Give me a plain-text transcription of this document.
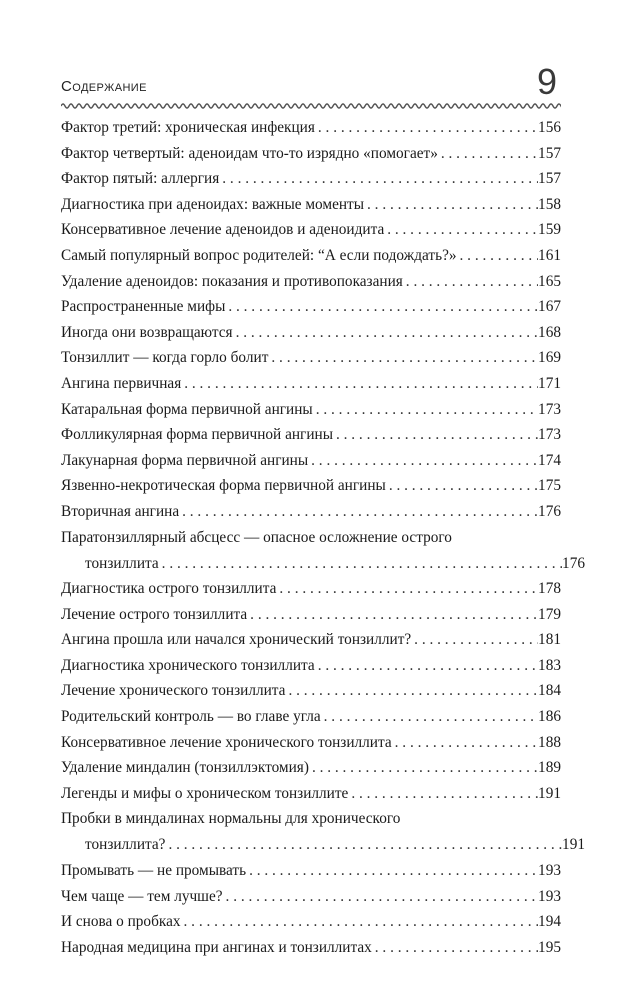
Содержание	9
Фактор третий: хроническая инфекция . . .	156
Фактор четвертый: аденоидам что-то изрядно «помогает» . . .	157
Фактор пятый: аллергия . . .	157
Диагностика при аденоидах: важные моменты . . .	158
Консервативное лечение аденоидов и аденоидита . . .	159
Самый популярный вопрос родителей: “А если подождать?» . . .	161
Удаление аденоидов: показания и противопоказания . . .	165
Распространенные мифы . . .	167
Иногда они возвращаются . . .	168
Тонзиллит — когда горло болит . . .	169
Ангина первичная . . .	171
Катаральная форма первичной ангины . . .	173
Фолликулярная форма первичной ангины . . .	173
Лакунарная форма первичной ангины . . .	174
Язвенно-некротическая форма первичной ангины . . .	175
Вторичная ангина . . .	176
Паратонзиллярный абсцесс — опасное осложнение острого
тонзиллита . . .	176
Диагностика острого тонзиллита . . .	178
Лечение острого тонзиллита . . .	179
Ангина прошла или начался хронический тонзиллит? . . .	181
Диагностика хронического тонзиллита . . .	183
Лечение хронического тонзиллита . . .	184
Родительский контроль — во главе угла . . .	186
Консервативное лечение хронического тонзиллита . . .	188
Удаление миндалин (тонзиллэктомия) . . .	189
Легенды и мифы о хроническом тонзиллите . . .	191
Пробки в миндалинах нормальны для хронического
тонзиллита? . . .	191
Промывать — не промывать . . .	193
Чем чаще — тем лучше? . . .	193
И снова о пробках . . .	194
Народная медицина при ангинах и тонзиллитах . . .	195
